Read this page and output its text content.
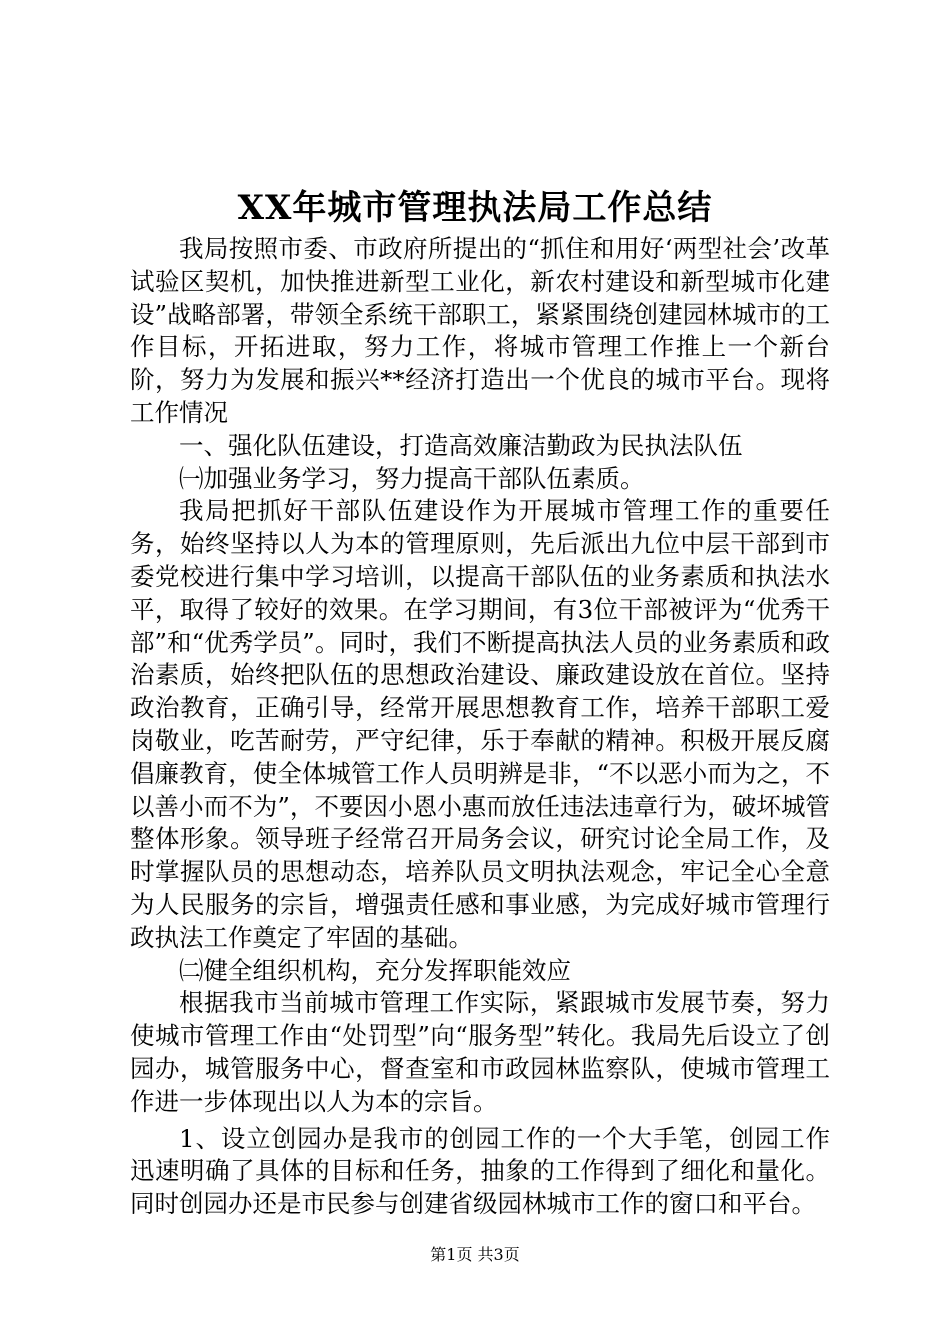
XX年城市管理执法局工作总结

我局按照市委、市政府所提出的“抓住和用好‘两型社会’改革试验区契机，加快推进新型工业化，新农村建设和新型城市化建设”战略部署，带领全系统干部职工，紧紧围绕创建园林城市的工作目标，开拓进取，努力工作，将城市管理工作推上一个新台阶，努力为发展和振兴**经济打造出一个优良的城市平台。现将工作情况

一、强化队伍建设，打造高效廉洁勤政为民执法队伍

㈠加强业务学习，努力提高干部队伍素质。

我局把抓好干部队伍建设作为开展城市管理工作的重要任务，始终坚持以人为本的管理原则，先后派出九位中层干部到市委党校进行集中学习培训，以提高干部队伍的业务素质和执法水平，取得了较好的效果。在学习期间，有3位干部被评为“优秀干部”和“优秀学员”。同时，我们不断提高执法人员的业务素质和政治素质，始终把队伍的思想政治建设、廉政建设放在首位。坚持政治教育，正确引导，经常开展思想教育工作，培养干部职工爱岗敬业，吃苦耐劳，严守纪律，乐于奉献的精神。积极开展反腐倡廉教育，使全体城管工作人员明辨是非，“不以恶小而为之，不以善小而不为”，不要因小恩小惠而放任违法违章行为，破坏城管整体形象。领导班子经常召开局务会议，研究讨论全局工作，及时掌握队员的思想动态，培养队员文明执法观念，牢记全心全意为人民服务的宗旨，增强责任感和事业感，为完成好城市管理行政执法工作奠定了牢固的基础。

㈡健全组织机构，充分发挥职能效应

根据我市当前城市管理工作实际，紧跟城市发展节奏，努力使城市管理工作由“处罚型”向“服务型”转化。我局先后设立了创园办，城管服务中心，督查室和市政园林监察队，使城市管理工作进一步体现出以人为本的宗旨。

1、设立创园办是我市的创园工作的一个大手笔，创园工作迅速明确了具体的目标和任务，抽象的工作得到了细化和量化。同时创园办还是市民参与创建省级园林城市工作的窗口和平台。

第1页 共3页
